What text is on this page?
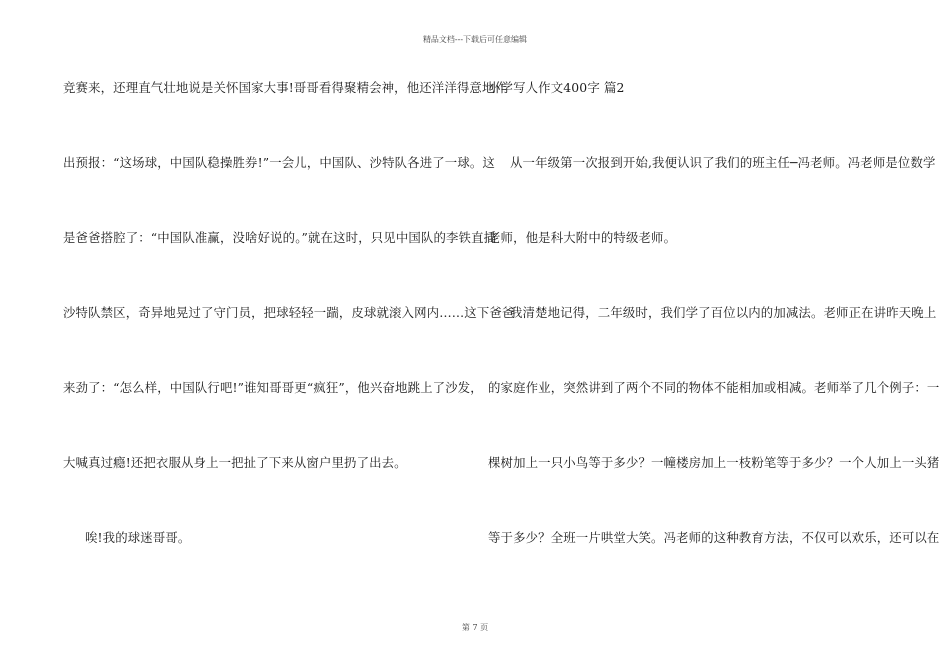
精品文档---下载后可任意编辑
竞赛来，还理直气壮地说是关怀国家大事!哥哥看得聚精会神，他还洋洋得意地作
出预报：“这场球，中国队稳操胜券!”一会儿，中国队、沙特队各进了一球。这
是爸爸搭腔了：“中国队准赢，没啥好说的。”就在这时，只见中国队的李铁直插
沙特队禁区，奇异地晃过了守门员，把球轻轻一踹，皮球就滚入网内……这下爸爸
来劲了：“怎么样，中国队行吧!”谁知哥哥更“疯狂”，他兴奋地跳上了沙发，
大喊真过瘾!还把衣服从身上一把扯了下来从窗户里扔了出去。
唉!我的球迷哥哥。
小学写人作文400字 篇2
从一年级第一次报到开始,我便认识了我们的班主任─冯老师。冯老师是位数学
老师，他是科大附中的特级老师。
我清楚地记得，二年级时，我们学了百位以内的加减法。老师正在讲昨天晚上
的家庭作业，突然讲到了两个不同的物体不能相加或相减。老师举了几个例子：一
棵树加上一只小鸟等于多少？一幢楼房加上一枝粉笔等于多少？一个人加上一头猪
等于多少？全班一片哄堂大笑。冯老师的这种教育方法，不仅可以欢乐，还可以在
第 7 页
